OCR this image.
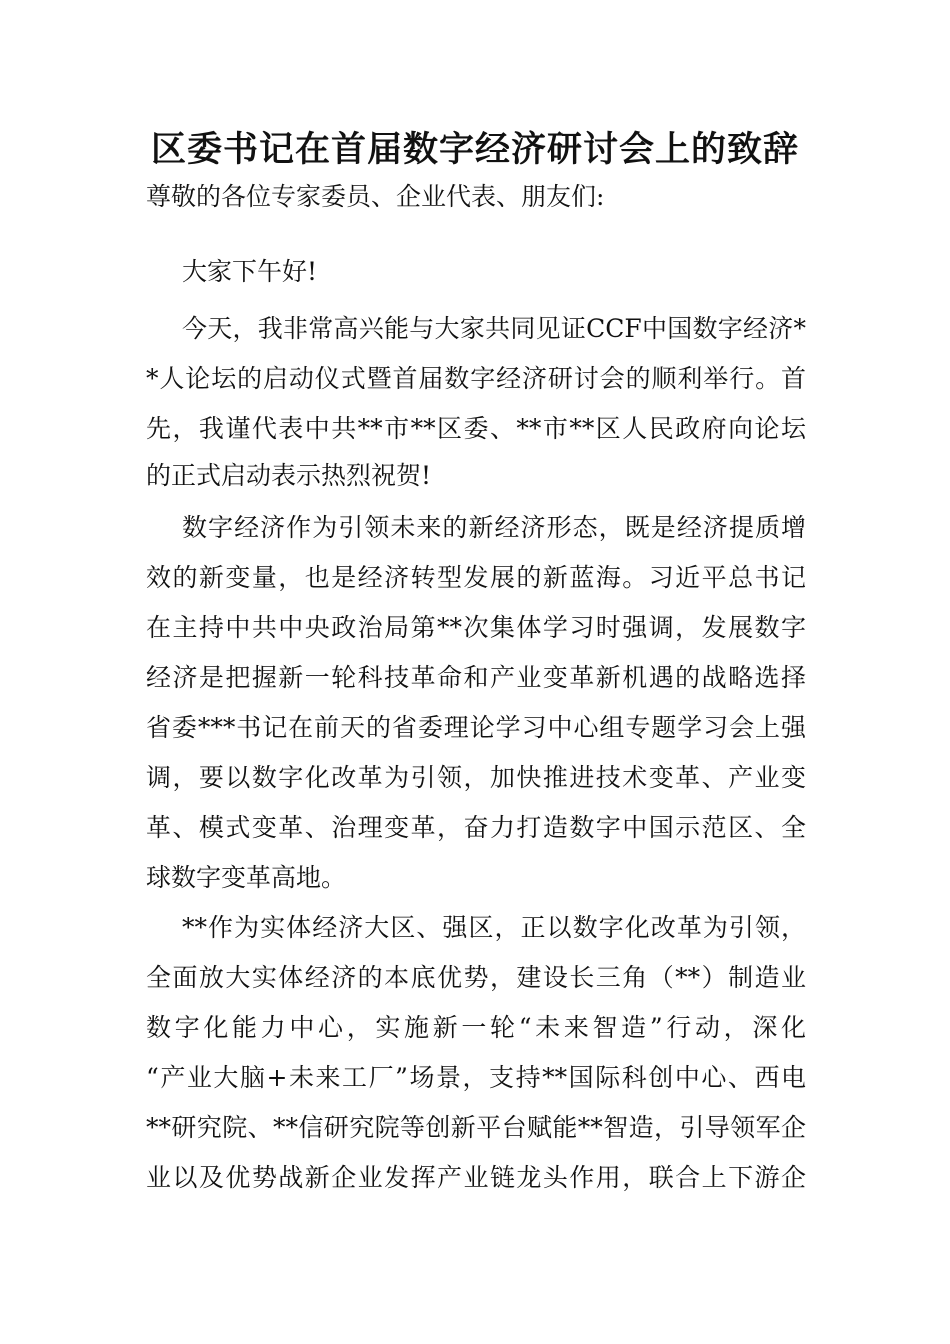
区委书记在首届数字经济研讨会上的致辞
尊敬的各位专家委员、企业代表、朋友们:
大家下午好!
今天，我非常高兴能与大家共同见证CCF中国数字经济*
*人论坛的启动仪式暨首届数字经济研讨会的顺利举行。首
先，我谨代表中共**市**区委、**市**区人民政府向论坛
的正式启动表示热烈祝贺!
数字经济作为引领未来的新经济形态，既是经济提质增
效的新变量，也是经济转型发展的新蓝海。习近平总书记
在主持中共中央政治局第**次集体学习时强调，发展数字
经济是把握新一轮科技革命和产业变革新机遇的战略选择
省委***书记在前天的省委理论学习中心组专题学习会上强
调，要以数字化改革为引领，加快推进技术变革、产业变
革、模式变革、治理变革，奋力打造数字中国示范区、全
球数字变革高地。
**作为实体经济大区、强区，正以数字化改革为引领，
全面放大实体经济的本底优势，建设长三角（**）制造业
数字化能力中心，实施新一轮“未来智造”行动，深化
“产业大脑+未来工厂”场景，支持**国际科创中心、西电
**研究院、**信研究院等创新平台赋能**智造，引导领军企
业以及优势战新企业发挥产业链龙头作用，联合上下游企
